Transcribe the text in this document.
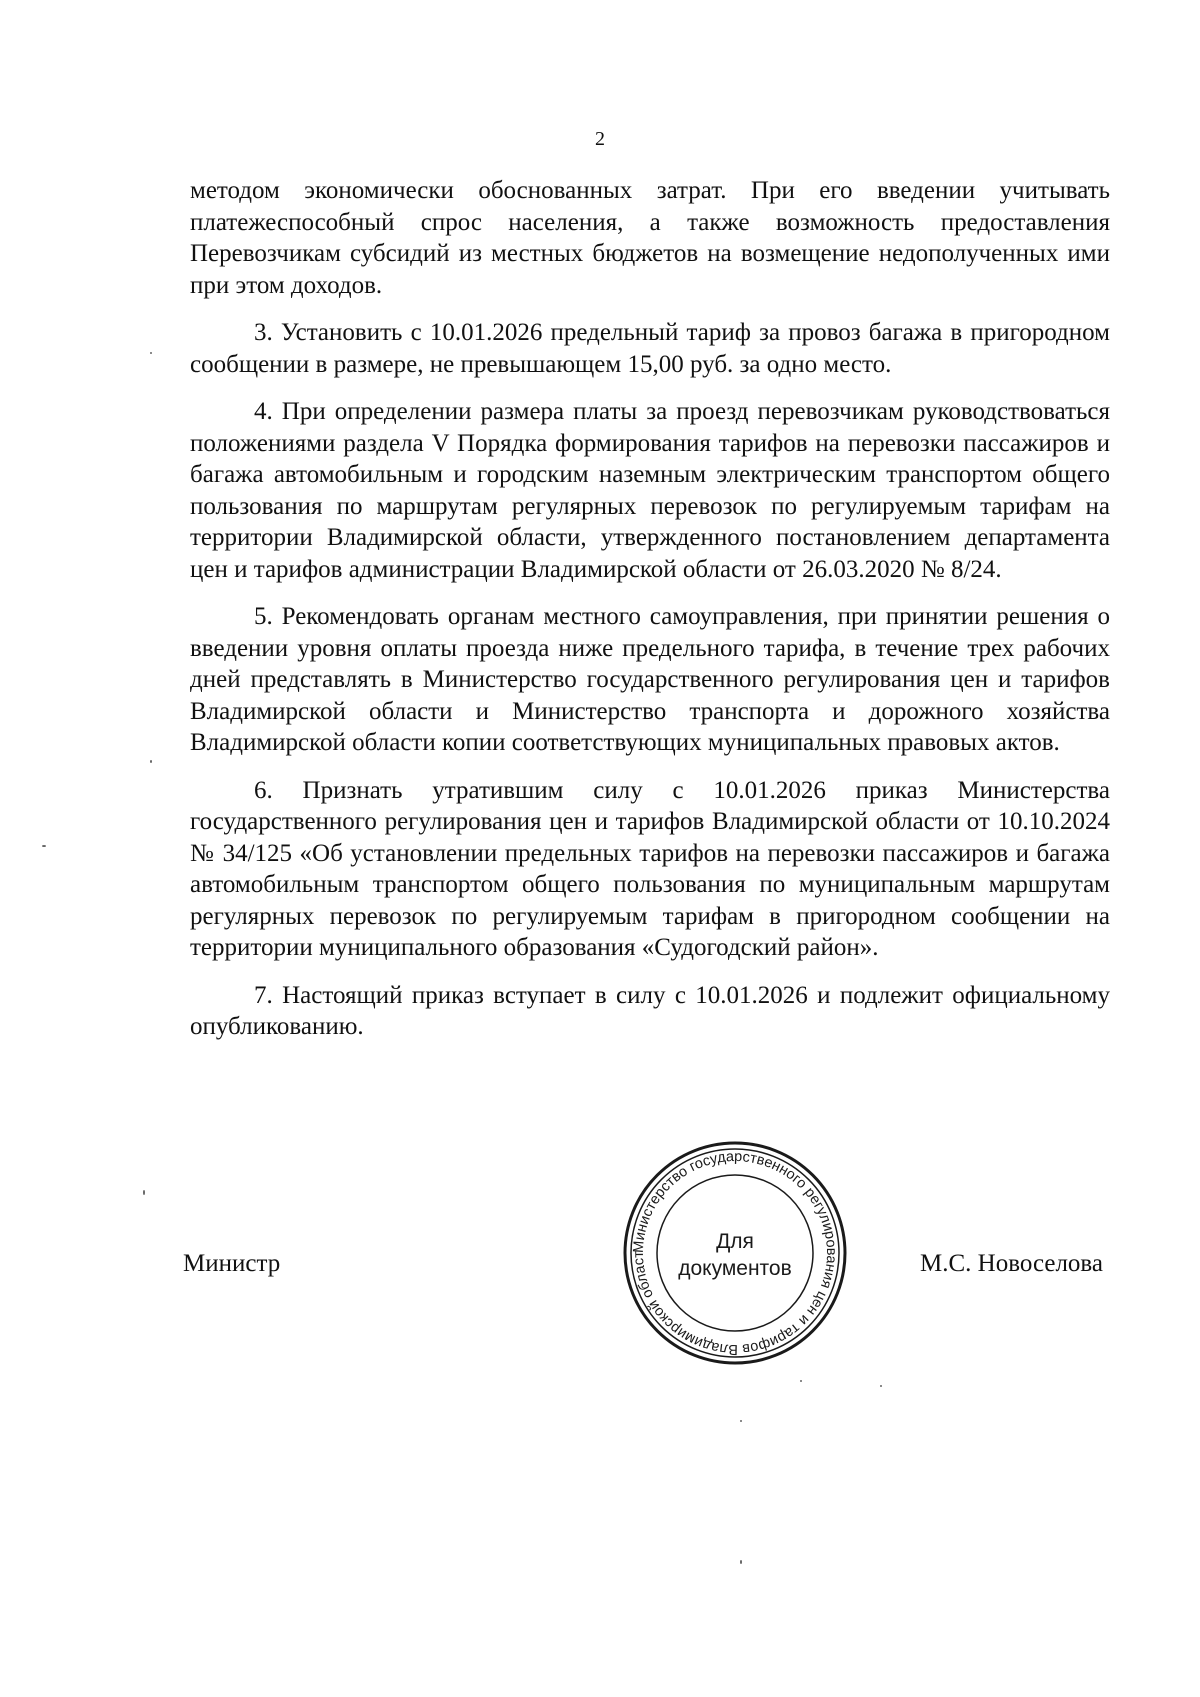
2

методом экономически обоснованных затрат. При его введении учитывать платежеспособный спрос населения, а также возможность предоставления Перевозчикам субсидий из местных бюджетов на возмещение недополученных ими при этом доходов.

3. Установить с 10.01.2026 предельный тариф за провоз багажа в пригородном сообщении в размере, не превышающем 15,00 руб. за одно место.

4. При определении размера платы за проезд перевозчикам руководствоваться положениями раздела V Порядка формирования тарифов на перевозки пассажиров и багажа автомобильным и городским наземным электрическим транспортом общего пользования по маршрутам регулярных перевозок по регулируемым тарифам на территории Владимирской области, утвержденного постановлением департамента цен и тарифов администрации Владимирской области от 26.03.2020 № 8/24.

5. Рекомендовать органам местного самоуправления, при принятии решения о введении уровня оплаты проезда ниже предельного тарифа, в течение трех рабочих дней представлять в Министерство государственного регулирования цен и тарифов Владимирской области и Министерство транспорта и дорожного хозяйства Владимирской области копии соответствующих муниципальных правовых актов.

6. Признать утратившим силу с 10.01.2026 приказ Министерства государственного регулирования цен и тарифов Владимирской области от 10.10.2024 № 34/125 «Об установлении предельных тарифов на перевозки пассажиров и багажа автомобильным транспортом общего пользования по муниципальным маршрутам регулярных перевозок по регулируемым тарифам в пригородном сообщении на территории муниципального образования «Судогодский район».

7. Настоящий приказ вступает в силу с 10.01.2026 и подлежит официальному опубликованию.

Министерство государственного регулирования цен и тарифов Владимирской област
Для
документов
Министр	М.С. Новоселова
